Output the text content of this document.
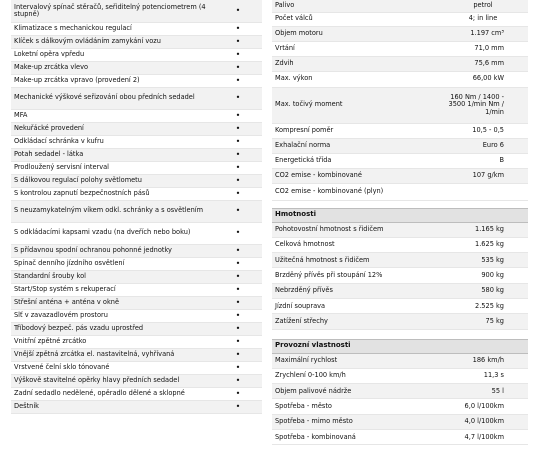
Intervalový spínač stěračů, seřiditelný potenciometrem (4 stupně)	•
Klimatizace s mechanickou regulací	•
Klíček s dálkovým ovládáním zamykání vozu	•
Loketní opěra vpředu	•
Make-up zrcátka vlevo	•
Make-up zrcátka vpravo (provedení 2)	•
Mechanické výškové seřizování obou předních sedadel	•
MFA	•
Nekuřácké provedení	•
Odkládací schránka v kufru	•
Potah sedadel - látka	•
Prodloužený servisní interval	•
S dálkovou regulací polohy světlometu	•
S kontrolou zapnutí bezpečnostních pásů	•
S neuzamykatelným víkem odkl. schránky a s osvětlením	•
S odkládacími kapsami vzadu (na dveřích nebo boku)	•
S přídavnou spodní ochranou pohonné jednotky	•
Spínač denního jízdního osvětlení	•
Standardní šrouby kol	•
Start/Stop systém s rekuperací	•
Střešní anténa + anténa v okně	•
Slť v zavazadlovém prostoru	•
Tříbodový bezpeč. pás vzadu uprostřed	•
Vnitřní zpětné zrcátko	•
Vnější zpětná zrcátka el. nastavitelná, vyhřívaná	•
Vrstvené čelní sklo tónované	•
Výškově stavitelné opěrky hlavy předních sedadel	•
Zadní sedadlo nedělené, opěradlo dělené a sklopné	•
Deštník	•
Palivo	petrol
Počet válců	4; in line
Objem motoru	1.197 cm³
Vrtání	71,0 mm
Zdvih	75,6 mm
Max. výkon	66,00 kW
Max. točivý moment	160 Nm / 1400 - 3500 1/min Nm / 1/min
Kompresní poměr	10,5 - 0,5
Exhalační norma	Euro 6
Energetická třída	B
CO2 emise - kombinované	107 g/km
CO2 emise - kombinované (plyn)	

Hmotnosti	
Pohotovostní hmotnost s řidičem	1.165 kg
Celková hmotnost	1.625 kg
Užitečná hmotnost s řidičem	535 kg
Brzděný přívěs při stoupání 12%	900 kg
Nebrzděný přívěs	580 kg
Jízdní souprava	2.525 kg
Zatížení střechy	75 kg

Provozní vlastnosti	
Maximální rychlost	186 km/h
Zrychlení 0-100 km/h	11,3 s
Objem palivové nádrže	55 l
Spotřeba - město	6,0 l/100km
Spotřeba - mimo město	4,0 l/100km
Spotřeba - kombinovaná	4,7 l/100km
